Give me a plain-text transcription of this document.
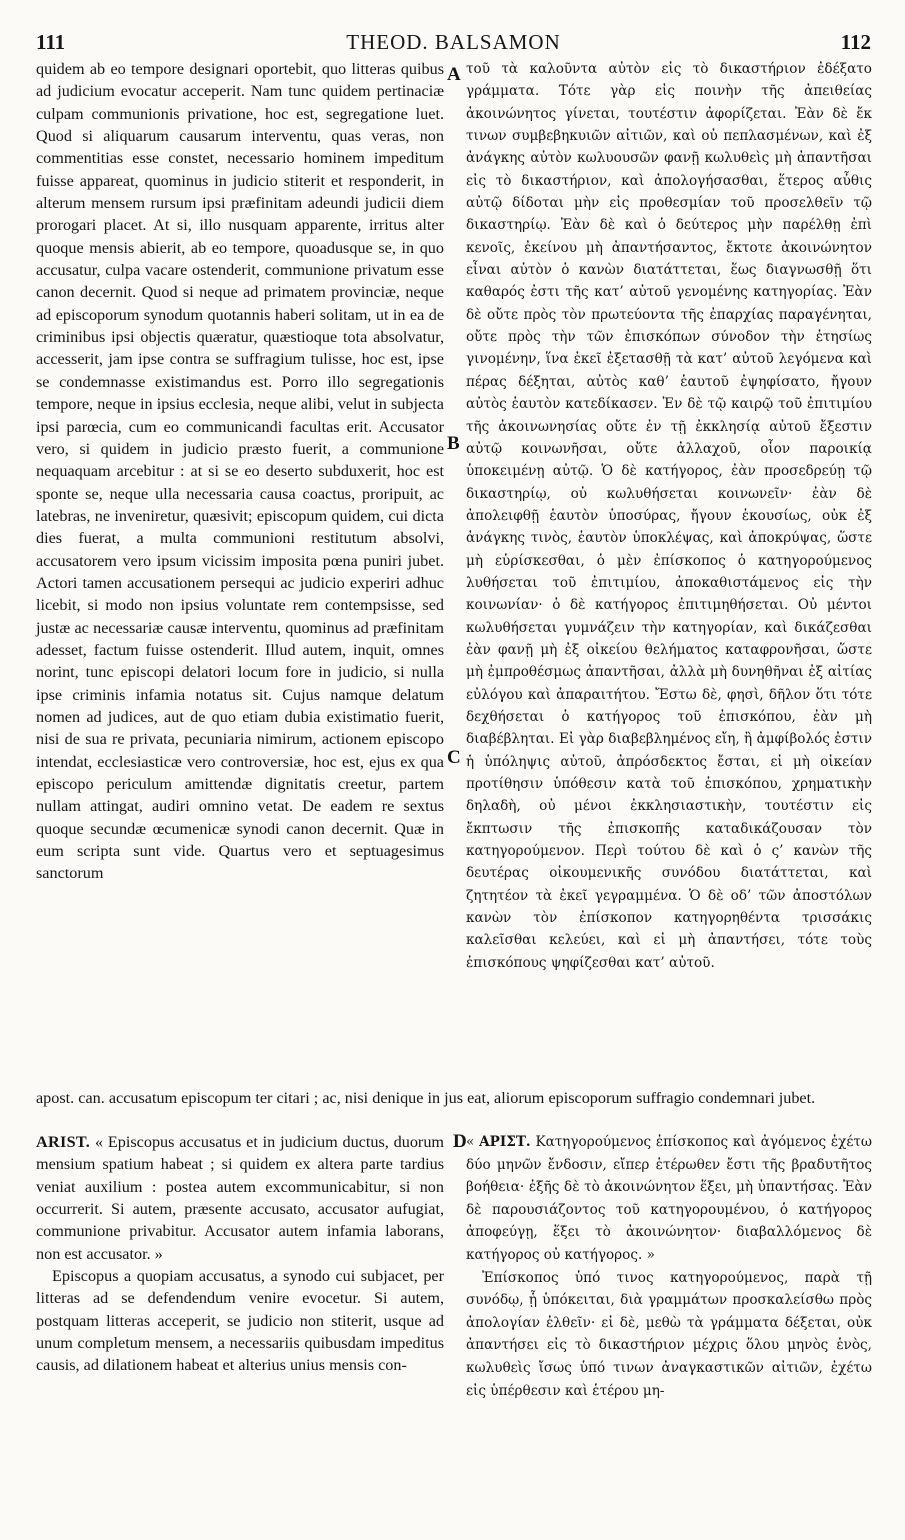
111	THEOD. BALSAMON	112
A
B
C
D

quidem ab eo tempore designari oportebit, quo litteras quibus ad judicium evocatur acceperit. Nam tunc quidem pertinaciæ culpam communionis privatione, hoc est, segregatione luet. Quod si aliquarum causarum interventu, quas veras, non commentitias esse constet, necessario hominem impeditum fuisse appareat, quominus in judicio stiterit et responderit, in alterum mensem rursum ipsi præfinitam adeundi judicii diem prorogari placet. At si, illo nusquam apparente, irritus alter quoque mensis abierit, ab eo tempore, quoadusque se, in quo accusatur, culpa vacare ostenderit, communione privatum esse canon decernit. Quod si neque ad primatem provinciæ, neque ad episcoporum synodum quotannis haberi solitam, ut in ea de criminibus ipsi objectis quæratur, quæstioque tota absolvatur, accesserit, jam ipse contra se suffragium tulisse, hoc est, ipse se condemnasse existimandus est. Porro illo segregationis tempore, neque in ipsius ecclesia, neque alibi, velut in subjecta ipsi parœcia, cum eo communicandi facultas erit. Accusator vero, si quidem in judicio præsto fuerit, a communione nequaquam arcebitur : at si se eo deserto subduxerit, hoc est sponte se, neque ulla necessaria causa coactus, proripuit, ac latebras, ne inveniretur, quæsivit; episcopum quidem, cui dicta dies fuerat, a multa communioni restitutum absolvi, accusatorem vero ipsum vicissim imposita pœna puniri jubet. Actori tamen accusationem persequi ac judicio experiri adhuc licebit, si modo non ipsius voluntate rem contempsisse, sed justæ ac necessariæ causæ interventu, quominus ad præfinitam adesset, factum fuisse ostenderit. Illud autem, inquit, omnes norint, tunc episcopi delatori locum fore in judicio, si nulla ipse criminis infamia notatus sit. Cujus namque delatum nomen ad judices, aut de quo etiam dubia existimatio fuerit, nisi de sua re privata, pecuniaria nimirum, actionem episcopo intendat, ecclesiasticæ vero controversiæ, hoc est, ejus ex qua episcopo periculum amittendæ dignitatis creetur, partem nullam attingat, audiri omnino vetat. De eadem re sextus quoque secundæ œcumenicæ synodi canon decernit. Quæ in eum scripta sunt vide. Quartus vero et septuagesimus sanctorum

τοῦ τὰ καλοῦντα αὐτὸν εἰς τὸ δικαστήριον ἐδέξατο γράμματα. Τότε γὰρ εἰς ποινὴν τῆς ἀπειθείας ἀκοινώνητος γίνεται, τουτέστιν ἀφορίζεται. Ἐὰν δὲ ἔκ τινων συμβεβηκυιῶν αἰτιῶν, καὶ οὐ πεπλασμένων, καὶ ἐξ ἀνάγκης αὐτὸν κωλυουσῶν φανῇ κωλυθεὶς μὴ ἀπαντῆσαι εἰς τὸ δικαστήριον, καὶ ἀπολογήσασθαι, ἕτερος αὖθις αὐτῷ δίδοται μὴν εἰς προθεσμίαν τοῦ προσελθεῖν τῷ δικαστηρίῳ. Ἐὰν δὲ καὶ ὁ δεύτερος μὴν παρέλθῃ ἐπὶ κενοῖς, ἐκείνου μὴ ἀπαντήσαντος, ἔκτοτε ἀκοινώνητον εἶναι αὐτὸν ὁ κανὼν διατάττεται, ἕως διαγνωσθῇ ὅτι καθαρός ἐστι τῆς κατ’ αὐτοῦ γενομένης κατηγορίας. Ἐὰν δὲ οὔτε πρὸς τὸν πρωτεύοντα τῆς ἐπαρχίας παραγένηται, οὔτε πρὸς τὴν τῶν ἐπισκόπων σύνοδον τὴν ἐτησίως γινομένην, ἵνα ἐκεῖ ἐξετασθῇ τὰ κατ’ αὐτοῦ λεγόμενα καὶ πέρας δέξηται, αὐτὸς καθ’ ἑαυτοῦ ἐψηφίσατο, ἤγουν αὐτὸς ἑαυτὸν κατεδίκασεν. Ἐν δὲ τῷ καιρῷ τοῦ ἐπιτιμίου τῆς ἀκοινωνησίας οὔτε ἐν τῇ ἐκκλησίᾳ αὐτοῦ ἔξεστιν αὐτῷ κοινωνῆσαι, οὔτε ἀλλαχοῦ, οἷον παροικίᾳ ὑποκειμένῃ αὐτῷ. Ὁ δὲ κατήγορος, ἐὰν προσεδρεύῃ τῷ δικαστηρίῳ, οὐ κωλυθήσεται κοινωνεῖν· ἐὰν δὲ ἀπολειφθῇ ἑαυτὸν ὑποσύρας, ἤγουν ἑκουσίως, οὐκ ἐξ ἀνάγκης τινὸς, ἑαυτὸν ὑποκλέψας, καὶ ἀποκρύψας, ὥστε μὴ εὑρίσκεσθαι, ὁ μὲν ἐπίσκοπος ὁ κατηγορούμενος λυθήσεται τοῦ ἐπιτιμίου, ἀποκαθιστάμενος εἰς τὴν κοινωνίαν· ὁ δὲ κατήγορος ἐπιτιμηθήσεται. Οὐ μέντοι κωλυθήσεται γυμνάζειν τὴν κατηγορίαν, καὶ δικάζεσθαι ἐὰν φανῇ μὴ ἐξ οἰκείου θελήματος καταφρονῆσαι, ὥστε μὴ ἐμπροθέσμως ἀπαντῆσαι, ἀλλὰ μὴ δυνηθῆναι ἐξ αἰτίας εὐλόγου καὶ ἀπαραιτήτου. Ἔστω δὲ, φησὶ, δῆλον ὅτι τότε δεχθήσεται ὁ κατήγορος τοῦ ἐπισκόπου, ἐὰν μὴ διαβέβληται. Εἰ γὰρ διαβεβλημένος εἴη, ἢ ἀμφίβολός ἐστιν ἡ ὑπόληψις αὐτοῦ, ἀπρόσδεκτος ἔσται, εἰ μὴ οἰκείαν προτίθησιν ὑπόθεσιν κατὰ τοῦ ἐπισκόπου, χρηματικὴν δηλαδὴ, οὐ μένοι ἐκκλησιαστικὴν, τουτέστιν εἰς ἔκπτωσιν τῆς ἐπισκοπῆς καταδικάζουσαν τὸν κατηγορούμενον. Περὶ τούτου δὲ καὶ ὁ ς’ κανὼν τῆς δευτέρας οἰκουμενικῆς συνόδου διατάττεται, καὶ ζητητέον τὰ ἐκεῖ γεγραμμένα. Ὁ δὲ οδ’ τῶν ἀποστόλων κανὼν τὸν ἐπίσκοπον κατηγορηθέντα τρισσάκις καλεῖσθαι κελεύει, καὶ εἰ μὴ ἀπαντήσει, τότε τοὺς ἐπισκόπους ψηφίζεσθαι κατ’ αὐτοῦ.

apost. can. accusatum episcopum ter citari ; ac, nisi denique in jus eat, aliorum episcoporum suffragio condemnari jubet.

ARIST. « Episcopus accusatus et in judicium ductus, duorum mensium spatium habeat ; si quidem ex altera parte tardius veniat auxilium : postea autem excommunicabitur, si non occurrerit. Si autem, præsente accusato, accusator aufugiat, communione privabitur. Accusator autem infamia laborans, non est accusator. »

Episcopus a quopiam accusatus, a synodo cui subjacet, per litteras ad se defendendum venire evocetur. Si autem, postquam litteras acceperit, se judicio non stiterit, usque ad unum completum mensem, a necessariis quibusdam impeditus causis, ad dilationem habeat et alterius unius mensis con-

« ΑΡΙΣΤ. Κατηγορούμενος ἐπίσκοπος καὶ ἀγόμενος ἐχέτω δύο μηνῶν ἔνδοσιν, εἴπερ ἑτέρωθεν ἔστι τῆς βραδυτῆτος βοήθεια· ἐξῆς δὲ τὸ ἀκοινώνητον ἕξει, μὴ ὑπαντήσας. Ἐὰν δὲ παρουσιάζοντος τοῦ κατηγορουμένου, ὁ κατήγορος ἀποφεύγῃ, ἕξει τὸ ἀκοινώνητον· διαβαλλόμενος δὲ κατήγορος οὐ κατήγορος. »

Ἐπίσκοπος ὑπό τινος κατηγορούμενος, παρὰ τῇ συνόδῳ, ᾗ ὑπόκειται, διὰ γραμμάτων προσκαλείσθω πρὸς ἀπολογίαν ἐλθεῖν· εἰ δὲ, μεθὼ τὰ γράμματα δέξεται, οὐκ ἀπαντήσει εἰς τὸ δικαστήριον μέχρις ὅλου μηνὸς ἑνὸς, κωλυθεὶς ἴσως ὑπό τινων ἀναγκαστικῶν αἰτιῶν, ἐχέτω εἰς ὑπέρθεσιν καὶ ἑτέρου μη-
